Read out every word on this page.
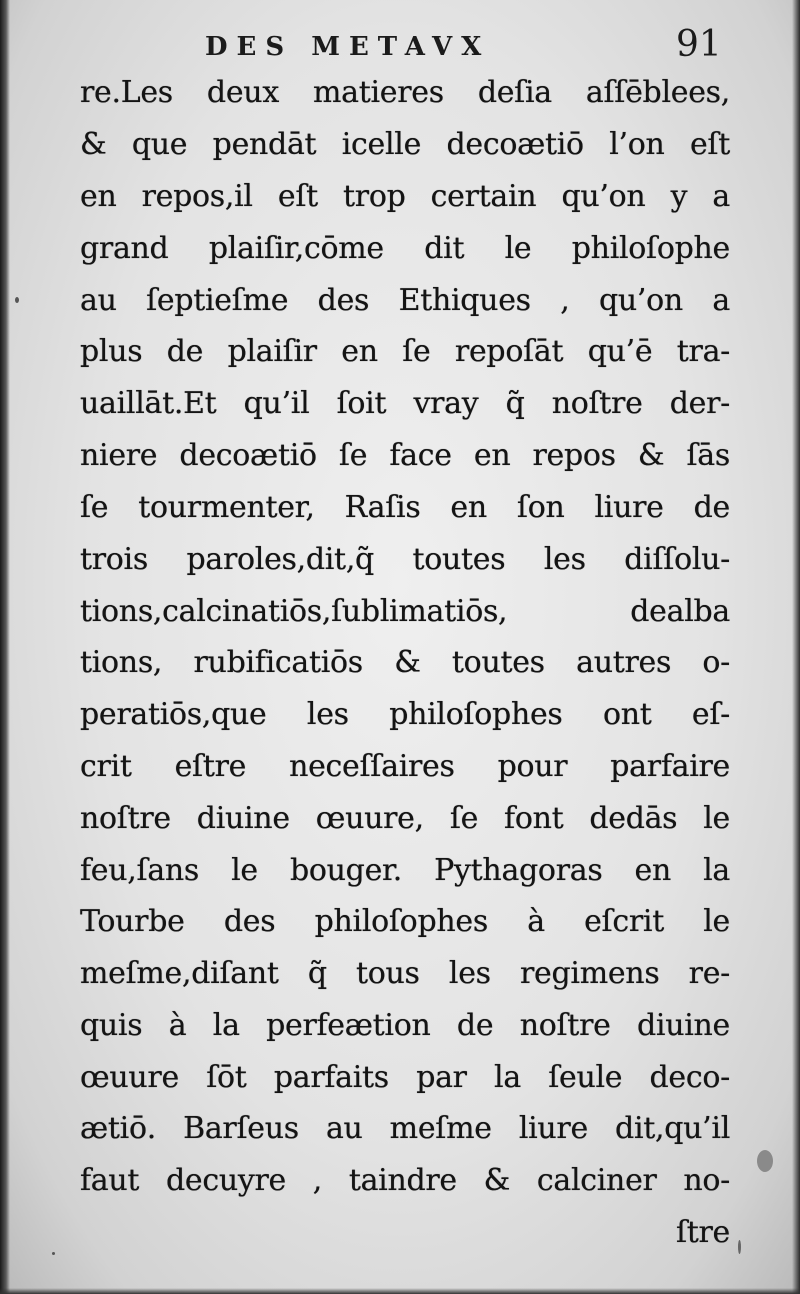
DES METAVX	91
re.Les deux matieres deſia aſſēblees,
& que pendāt icelle decoætiō l’on eſt
en repos,il eſt trop certain qu’on y a
grand plaiſir,cōme dit le philoſophe
au ſeptieſme des Ethiques , qu’on a
plus de plaiſir en ſe repoſāt qu’ē tra-
uaillāt.Et qu’il ſoit vray q̃ noſtre der-
niere decoætiō ſe face en repos & ſās
ſe tourmenter, Raſis en ſon liure de
trois paroles,dit,q̃ toutes les diſſolu-
tions,calcinatiōs,ſublimatiōs, dealba
tions, rubificatiōs & toutes autres o-
peratiōs,que les philoſophes ont eſ-
crit eſtre neceſſaires pour parfaire
noſtre diuine œuure, ſe font dedās le
feu,ſans le bouger. Pythagoras en la
Tourbe des philoſophes à eſcrit le
meſme,diſant q̃ tous les regimens re-
quis à la perfeætion de noſtre diuine
œuure ſōt parfaits par la ſeule deco-
ætiō. Barſeus au meſme liure dit,qu’il
faut decuyre , taindre & calciner no-
ſtre
